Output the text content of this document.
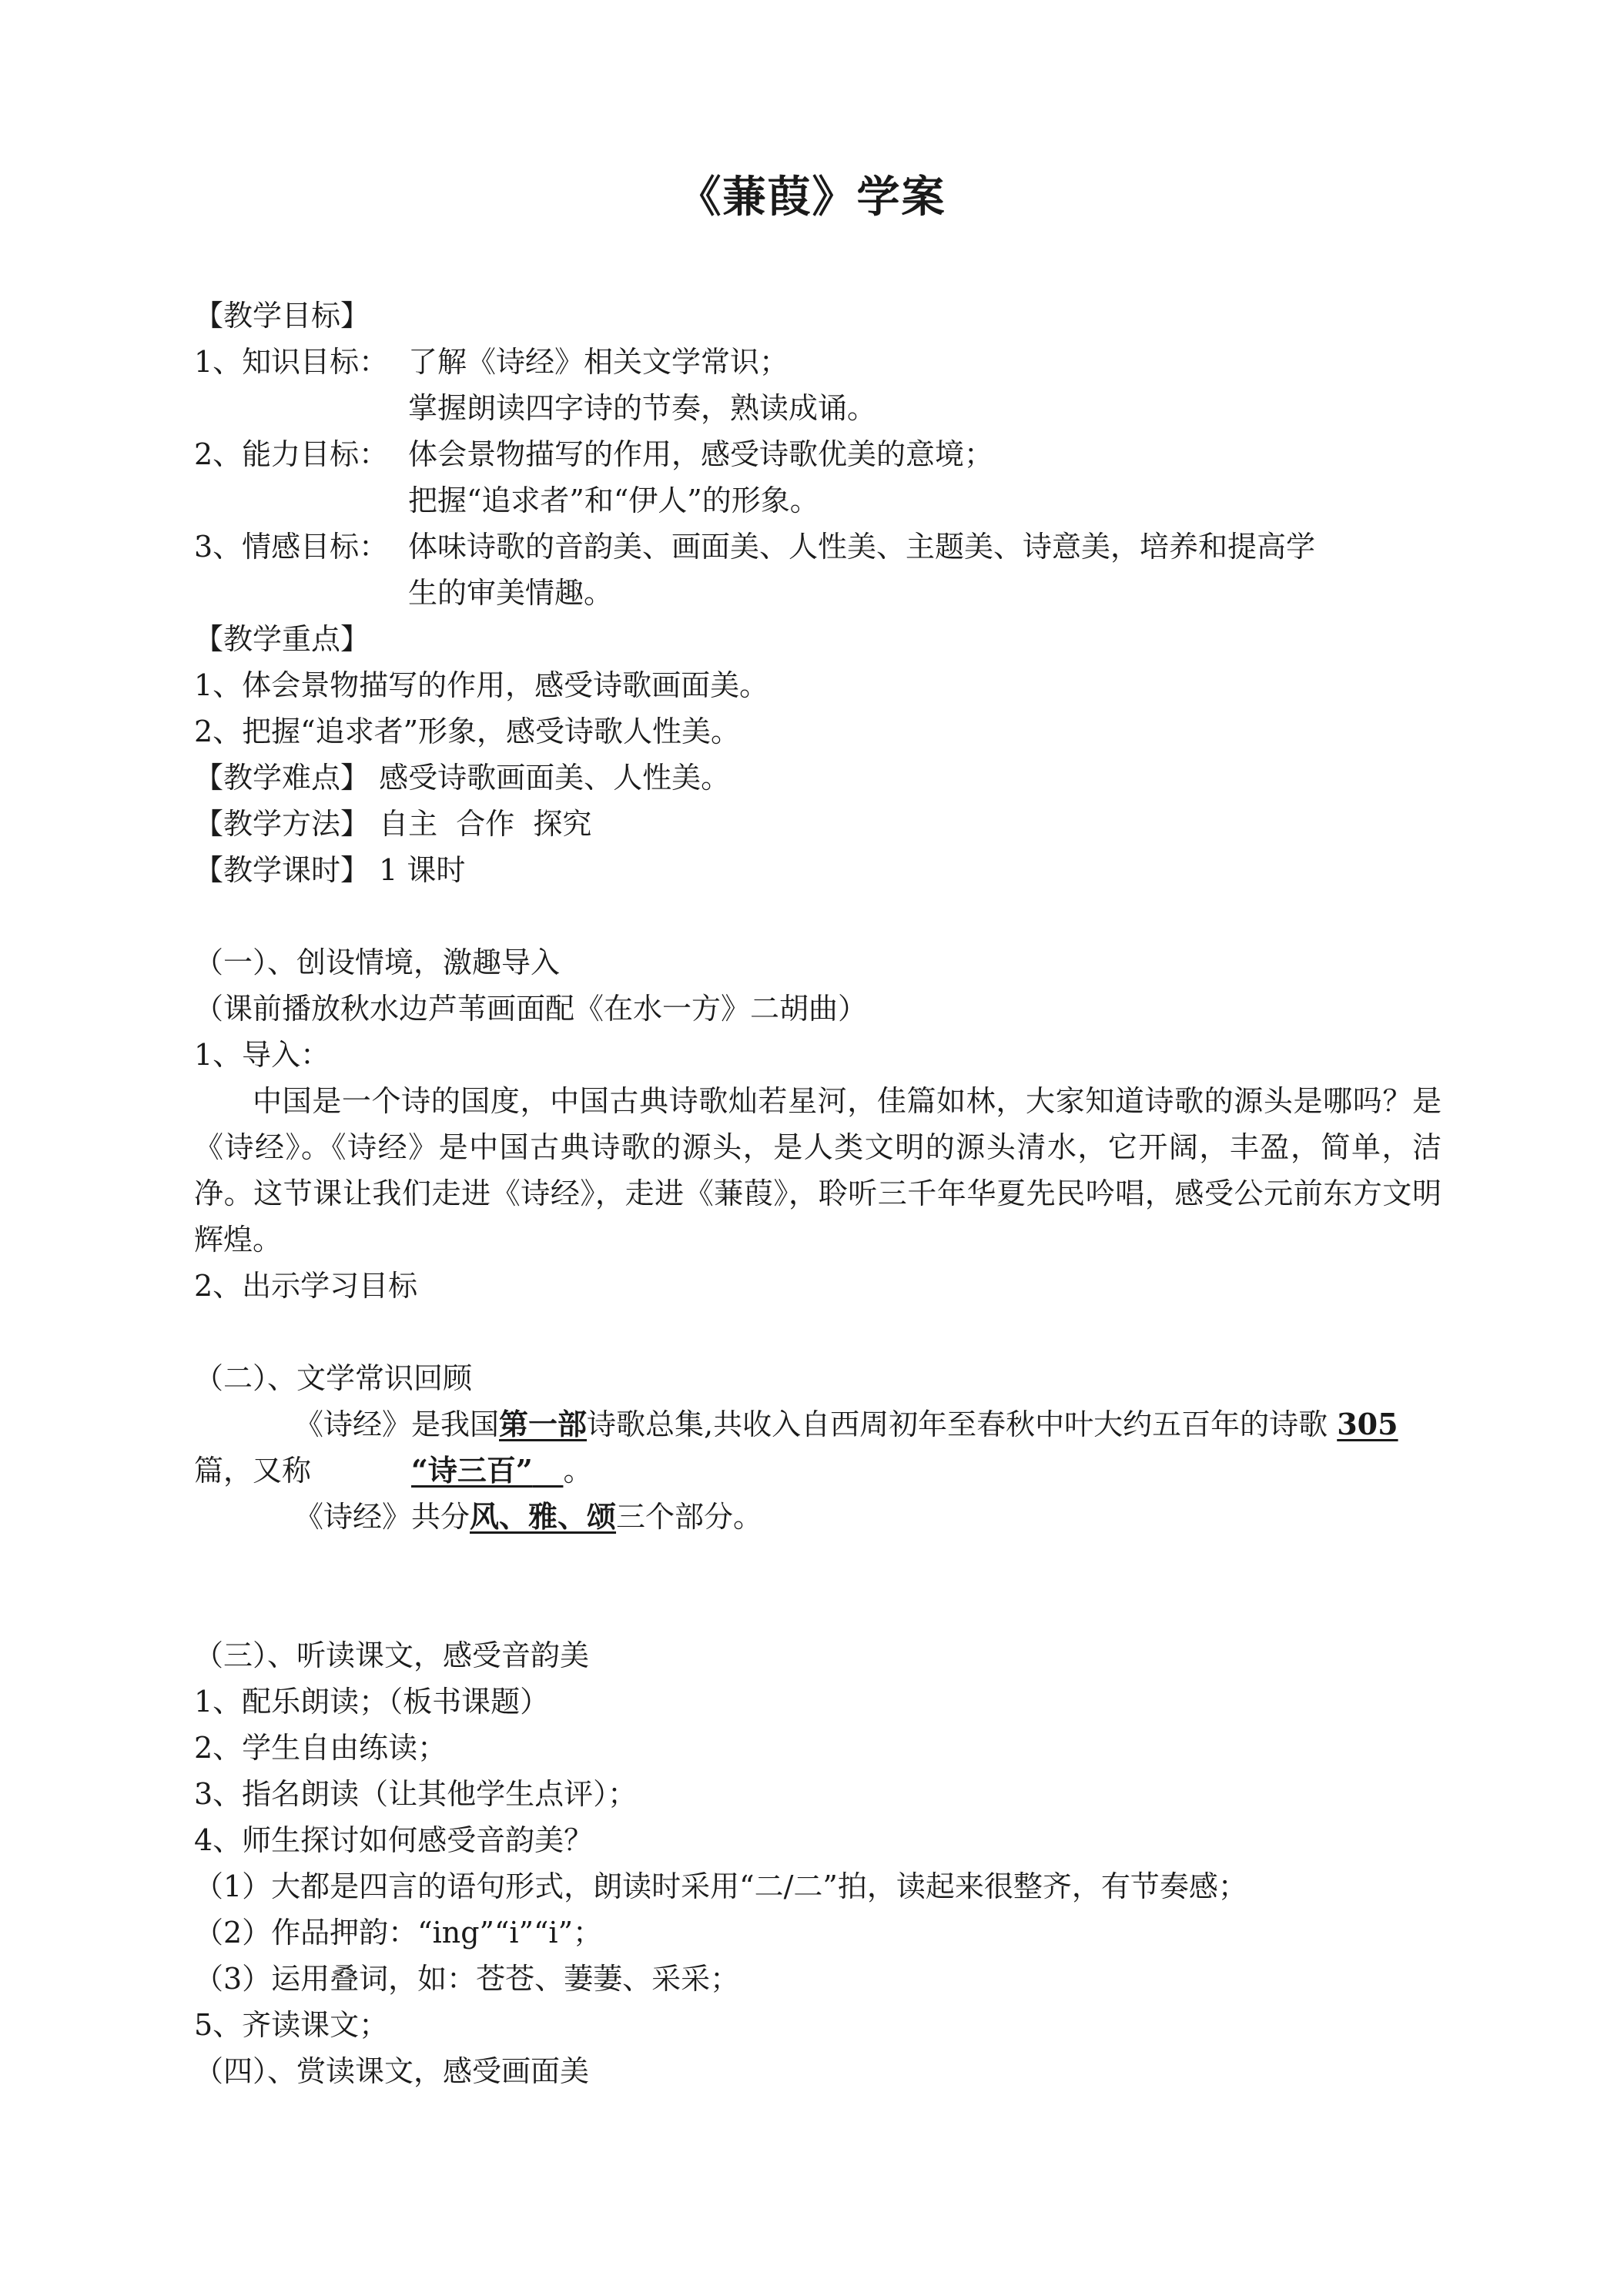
《蒹葭》学案
【教学目标】
1、知识目标： 了解《诗经》相关文学常识；
掌握朗读四字诗的节奏，熟读成诵。
2、能力目标： 体会景物描写的作用，感受诗歌优美的意境；
把握“追求者”和“伊人”的形象。
3、情感目标： 体味诗歌的音韵美、画面美、人性美、主题美、诗意美，培养和提高学
生的审美情趣。
【教学重点】
1、体会景物描写的作用，感受诗歌画面美。
2、把握“追求者”形象，感受诗歌人性美。
【教学难点】 感受诗歌画面美、人性美。
【教学方法】 自主  合作  探究
【教学课时】 1 课时
（一）、创设情境，激趣导入
（课前播放秋水边芦苇画面配《在水一方》二胡曲）
1、导入：
中国是一个诗的国度，中国古典诗歌灿若星河，佳篇如林，大家知道诗歌的源头是哪吗？是《诗经》。《诗经》是中国古典诗歌的源头，是人类文明的源头清水，它开阔，丰盈，简单，洁净。这节课让我们走进《诗经》，走进《蒹葭》，聆听三千年华夏先民吟唱，感受公元前东方文明辉煌。
2、出示学习目标
（二）、文学常识回顾
《诗经》是我国第一部诗歌总集,共收入自西周初年至春秋中叶大约五百年的诗歌 305篇，又称	“诗三百” 。
《诗经》共分风、雅、颂三个部分。
（三）、听读课文，感受音韵美
1、配乐朗读；（板书课题）
2、学生自由练读；
3、指名朗读（让其他学生点评）；
4、师生探讨如何感受音韵美？
（1）大都是四言的语句形式，朗读时采用“二/二”拍，读起来很整齐，有节奏感；
（2）作品押韵：“ing”“i”“i”；
（3）运用叠词，如：苍苍、萋萋、采采；
5、齐读课文；
（四）、赏读课文，感受画面美
